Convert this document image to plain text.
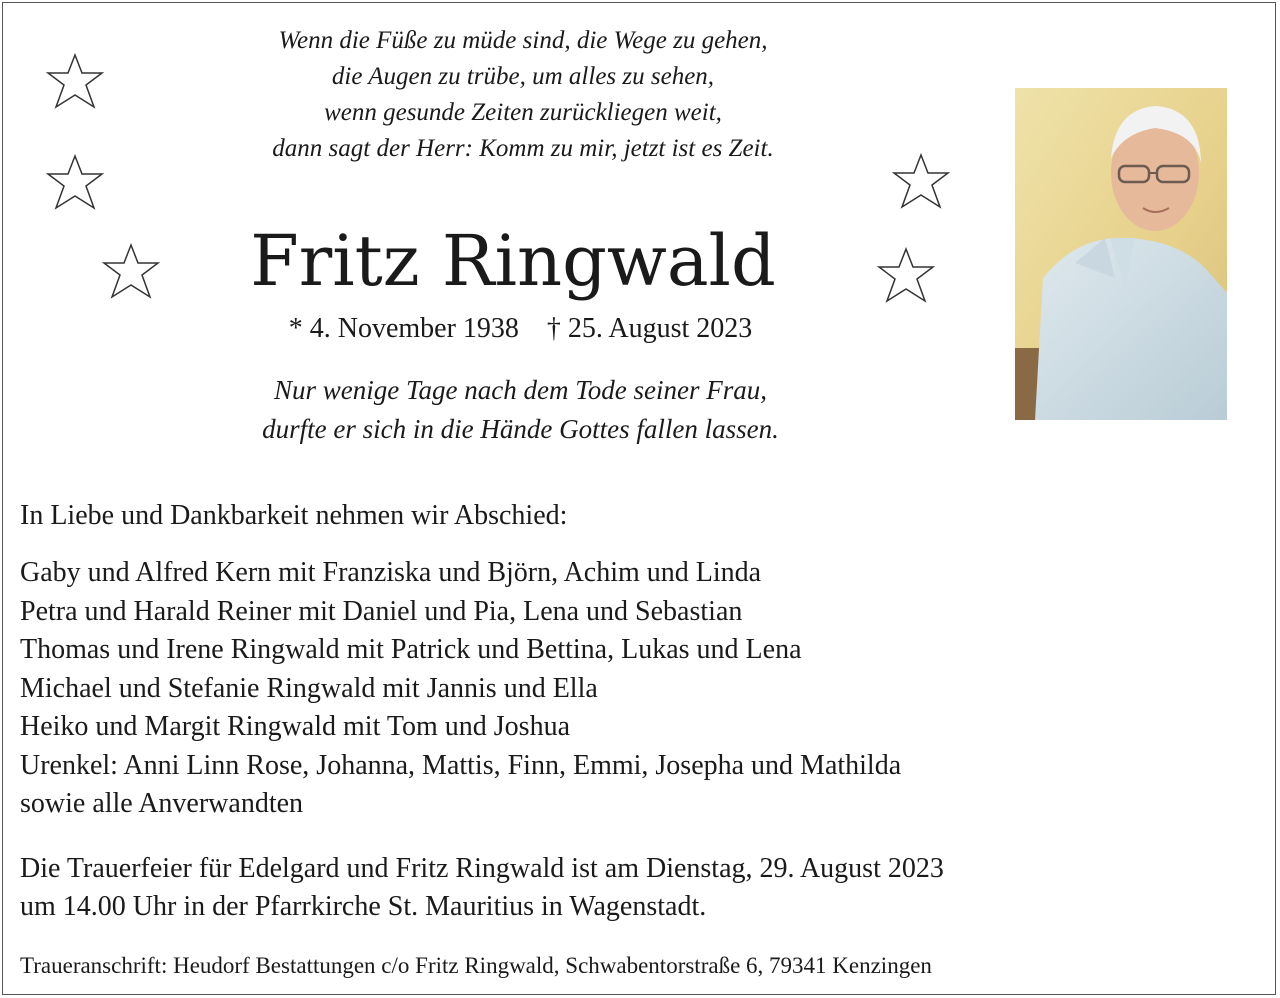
Wenn die Füße zu müde sind, die Wege zu gehen,
die Augen zu trübe, um alles zu sehen,
wenn gesunde Zeiten zurückliegen weit,
dann sagt der Herr: Komm zu mir, jetzt ist es Zeit.
Fritz Ringwald
* 4. November 1938 † 25. August 2023
Nur wenige Tage nach dem Tode seiner Frau,
durfte er sich in die Hände Gottes fallen lassen.
In Liebe und Dankbarkeit nehmen wir Abschied:
Gaby und Alfred Kern mit Franziska und Björn, Achim und Linda
Petra und Harald Reiner mit Daniel und Pia, Lena und Sebastian
Thomas und Irene Ringwald mit Patrick und Bettina, Lukas und Lena
Michael und Stefanie Ringwald mit Jannis und Ella
Heiko und Margit Ringwald mit Tom und Joshua
Urenkel: Anni Linn Rose, Johanna, Mattis, Finn, Emmi, Josepha und Mathilda
sowie alle Anverwandten
Die Trauerfeier für Edelgard und Fritz Ringwald ist am Dienstag, 29. August 2023
um 14.00 Uhr in der Pfarrkirche St. Mauritius in Wagenstadt.
Traueranschrift: Heudorf Bestattungen c/o Fritz Ringwald, Schwabentorstraße 6, 79341 Kenzingen
